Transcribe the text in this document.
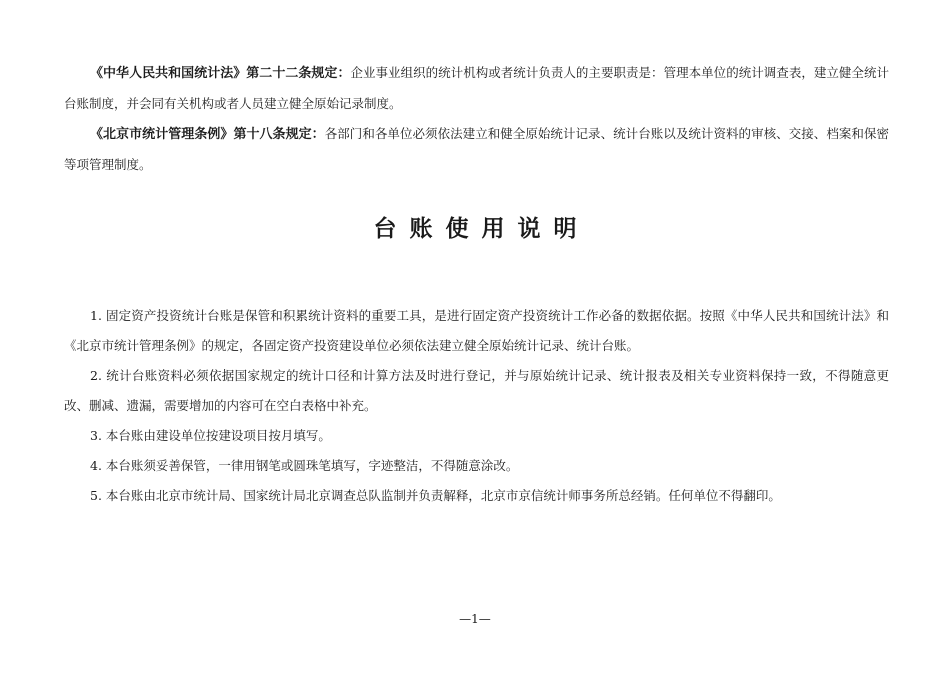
《中华人民共和国统计法》第二十二条规定：企业事业组织的统计机构或者统计负责人的主要职责是：管理本单位的统计调查表，建立健全统计台账制度，并会同有关机构或者人员建立健全原始记录制度。

《北京市统计管理条例》第十八条规定：各部门和各单位必须依法建立和健全原始统计记录、统计台账以及统计资料的审核、交接、档案和保密等项管理制度。

台账使用说明
1. 固定资产投资统计台账是保管和积累统计资料的重要工具，是进行固定资产投资统计工作必备的数据依据。按照《中华人民共和国统计法》和《北京市统计管理条例》的规定，各固定资产投资建设单位必须依法建立健全原始统计记录、统计台账。
2. 统计台账资料必须依据国家规定的统计口径和计算方法及时进行登记，并与原始统计记录、统计报表及相关专业资料保持一致，不得随意更改、删减、遗漏，需要增加的内容可在空白表格中补充。
3. 本台账由建设单位按建设项目按月填写。
4. 本台账须妥善保管，一律用钢笔或圆珠笔填写，字迹整洁，不得随意涂改。
5. 本台账由北京市统计局、国家统计局北京调查总队监制并负责解释，北京市京信统计师事务所总经销。任何单位不得翻印。

—1—
